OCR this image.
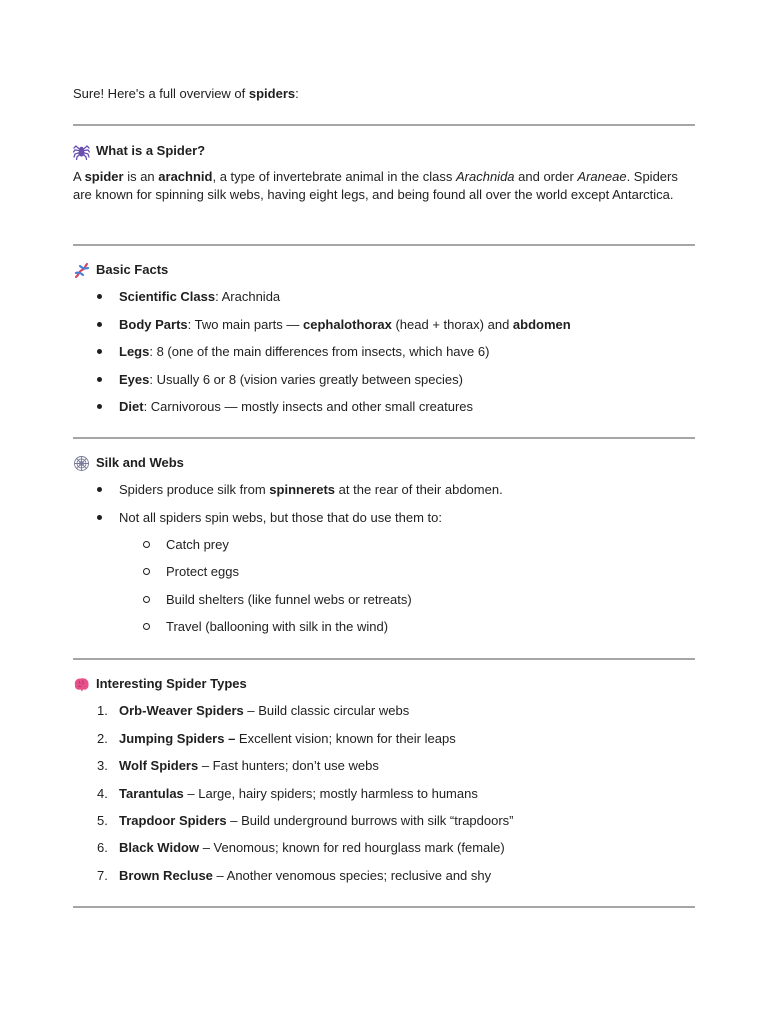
Sure! Here's a full overview of spiders:

What is a Spider?

A spider is an arachnid, a type of invertebrate animal in the class Arachnida and order Araneae. Spiders are known for spinning silk webs, having eight legs, and being found all over the world except Antarctica.

Basic Facts
Scientific Class: Arachnida
Body Parts: Two main parts — cephalothorax (head + thorax) and abdomen
Legs: 8 (one of the main differences from insects, which have 6)
Eyes: Usually 6 or 8 (vision varies greatly between species)
Diet: Carnivorous — mostly insects and other small creatures
Silk and Webs
Spiders produce silk from spinnerets at the rear of their abdomen.
Not all spiders spin webs, but those that do use them to:
Catch prey
Protect eggs
Build shelters (like funnel webs or retreats)
Travel (ballooning with silk in the wind)
Interesting Spider Types
1. Orb-Weaver Spiders – Build classic circular webs
2. Jumping Spiders – Excellent vision; known for their leaps
3. Wolf Spiders – Fast hunters; don’t use webs
4. Tarantulas – Large, hairy spiders; mostly harmless to humans
5. Trapdoor Spiders – Build underground burrows with silk “trapdoors”
6. Black Widow – Venomous; known for red hourglass mark (female)
7. Brown Recluse – Another venomous species; reclusive and shy
